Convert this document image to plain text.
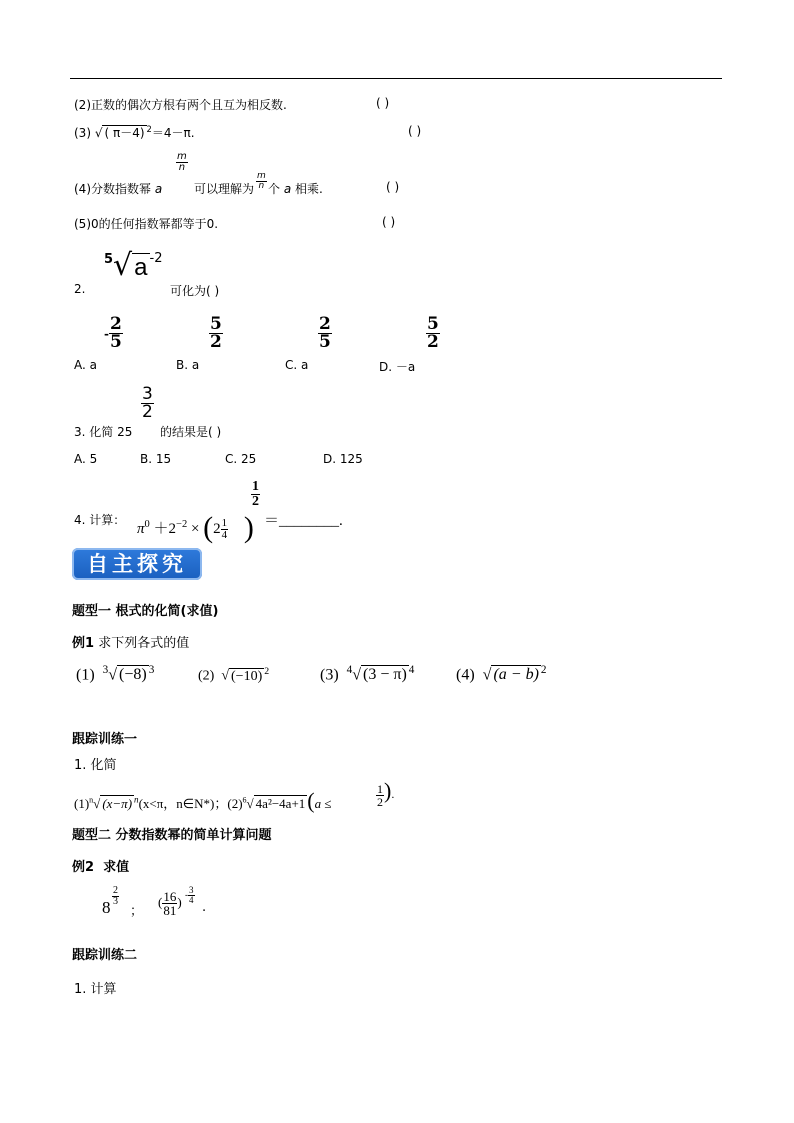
(2)正数的偶次方根有两个且互为相反数.	( )
(3) √ ( π－4) $^2$＝4－π.	( )
(4)分数指数幂 a
$\frac{m}{n}$
可以理解为 $\frac{m}{n}$ 个 a 相乘.	( )
(5)0的任何指数幂都等于0.	( )
2.
5√a $^{-2}$
可化为( )
- $\frac{2}{5}$
A. a
$\frac{5}{2}$
B. a
$\frac{2}{5}$
C. a
$\frac{5}{2}$
D. －a
$\frac{3}{2}$
3. 化简 25 的结果是( )
A. 5	B. 15	C. 25	D. 125
4. 计算：
$\pi^0 +2^{-2} \times (2 \frac{1}{4}$ )
$\frac{1}{2}$
＝________.
自主探究
题型一 根式的化简(求值)
例1 求下列各式的值
(1) $^3$√ (−8) $^3$	(2) √ (−10) $^2$	(3) $^4$√ (3 − π) $^4$	(4) √ (a − b) $^2$
跟踪训练一
1. 化简
$(1)^n√$ (x−π) $^n$(x<π，n∈N*)；$(2)^6√$ 4a²−4a+1(a ≤	$\frac{1}{2}$ ).
题型二 分数指数幂的简单计算问题
例2 求值
8
$\frac{2}{3}$
；
( $\frac{16}{81}$ ) - $\frac{3}{4}$
.
跟踪训练二
1. 计算
